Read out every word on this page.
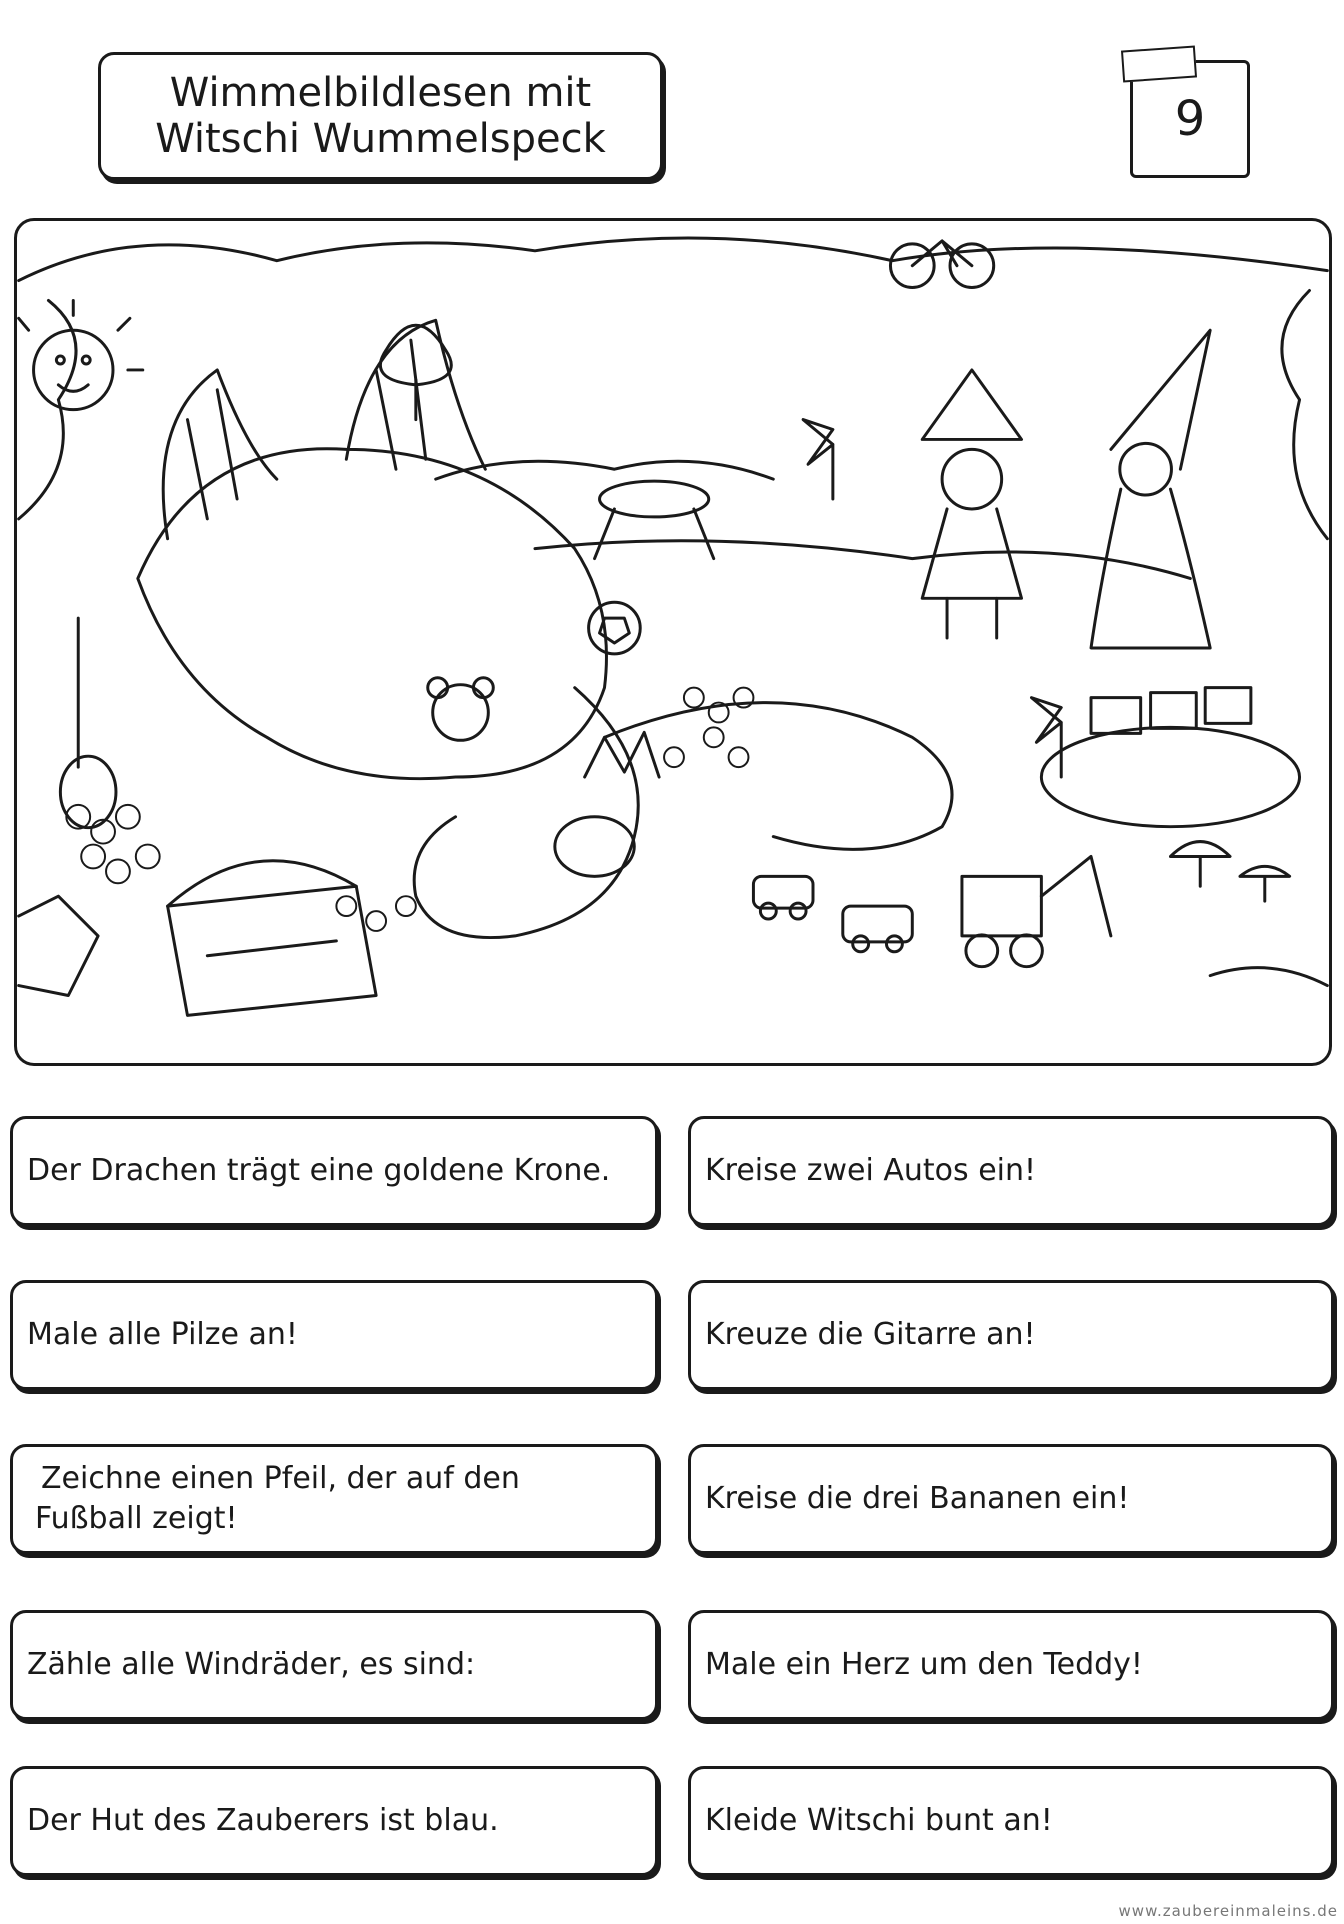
Wimmelbildlesen mit
Witschi Wummelspeck	9
Der Drachen trägt eine goldene Krone.
Male alle Pilze an!
Zeichne einen Pfeil, der auf den
Fußball zeigt!
Zähle alle Windräder, es sind:
Der Hut des Zauberers ist blau.
Kreise zwei Autos ein!
Kreuze die Gitarre an!
Kreise die drei Bananen ein!
Male ein Herz um den Teddy!
Kleide Witschi bunt an!
www.zaubereinmaleins.de
